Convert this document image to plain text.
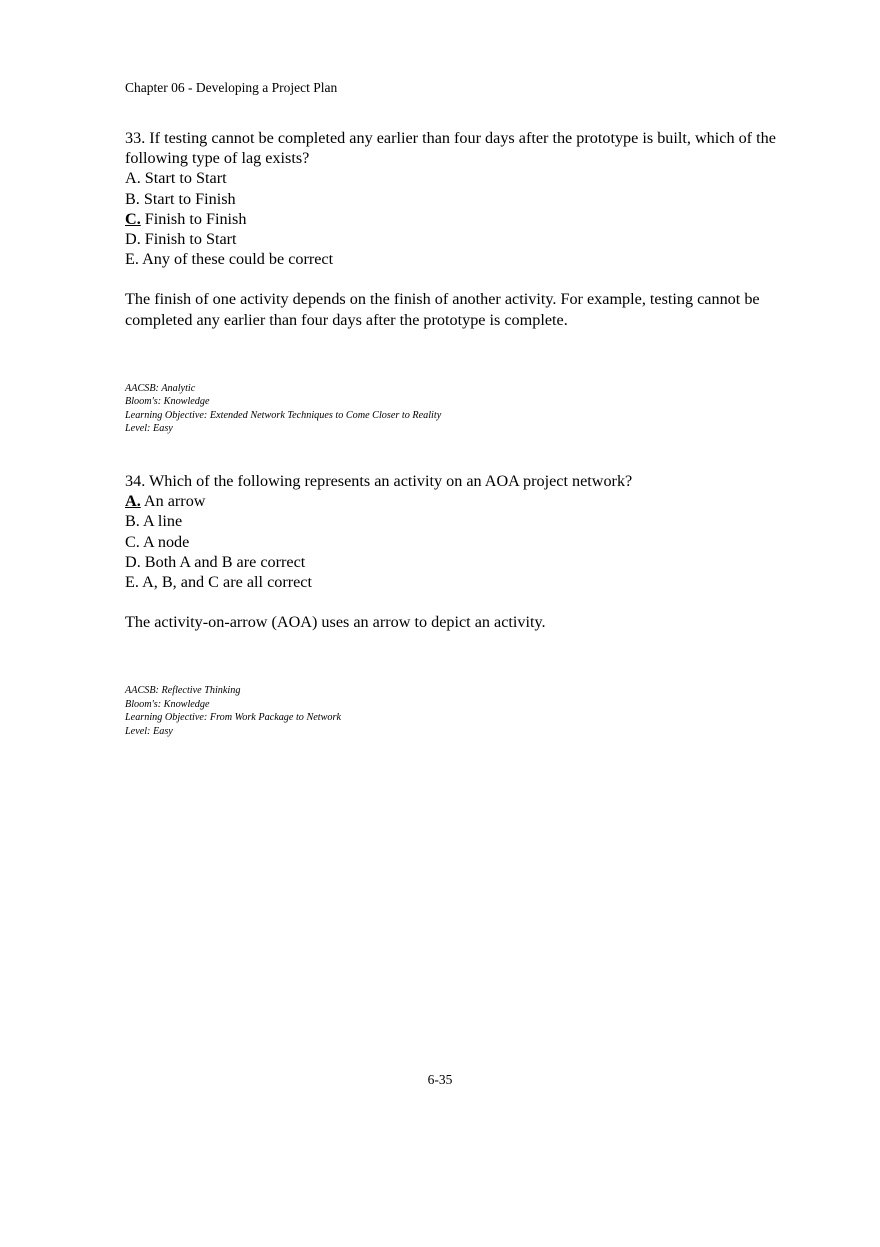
Chapter 06 - Developing a Project Plan

33. If testing cannot be completed any earlier than four days after the prototype is built, which of the following type of lag exists?

A. Start to Start
B. Start to Finish
C. Finish to Finish
D. Finish to Start
E. Any of these could be correct

The finish of one activity depends on the finish of another activity. For example, testing cannot be completed any earlier than four days after the prototype is complete.

AACSB: Analytic
Bloom's: Knowledge
Learning Objective: Extended Network Techniques to Come Closer to Reality
Level: Easy

34. Which of the following represents an activity on an AOA project network?

A. An arrow
B. A line
C. A node
D. Both A and B are correct
E. A, B, and C are all correct

The activity-on-arrow (AOA) uses an arrow to depict an activity.

AACSB: Reflective Thinking
Bloom's: Knowledge
Learning Objective: From Work Package to Network
Level: Easy
6-35
